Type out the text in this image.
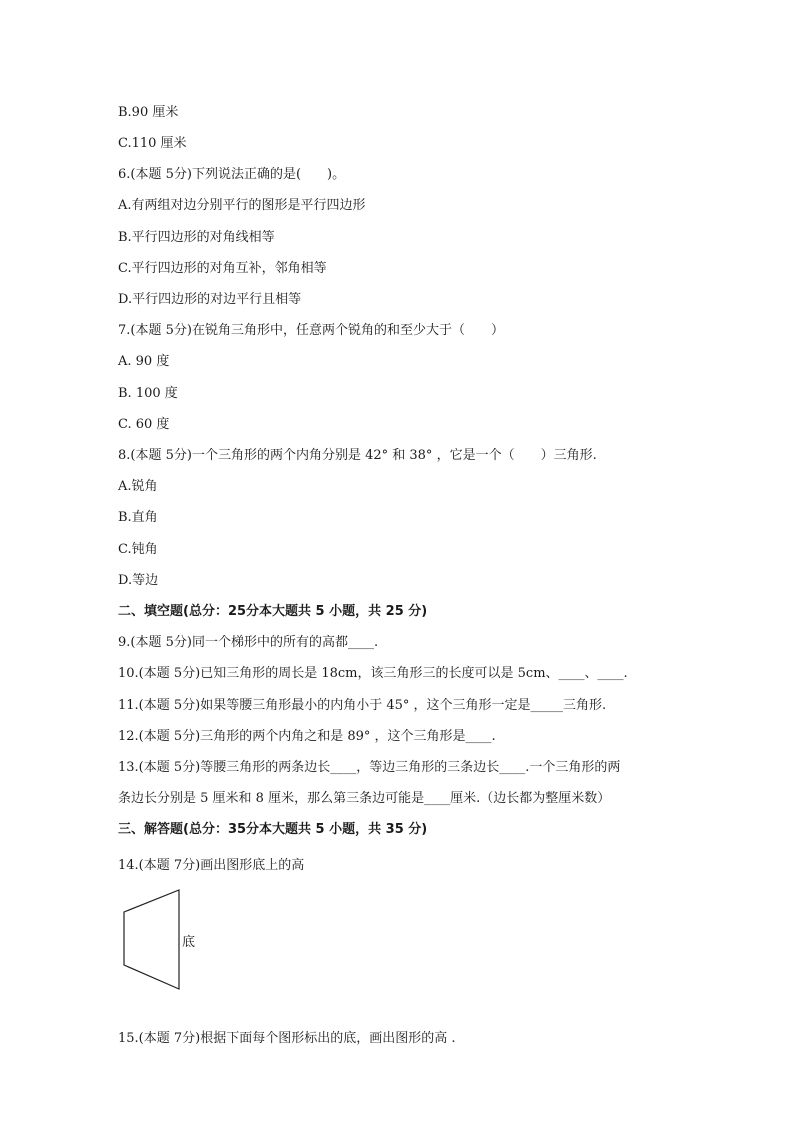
B.90 厘米
C.110 厘米
6.(本题 5分)下列说法正确的是(　　)。
A.有两组对边分别平行的图形是平行四边形
B.平行四边形的对角线相等
C.平行四边形的对角互补，邻角相等
D.平行四边形的对边平行且相等
7.(本题 5分)在锐角三角形中，任意两个锐角的和至少大于（　　）
A. 90 度
B. 100 度
C. 60 度
8.(本题 5分)一个三角形的两个内角分别是 42° 和 38° ，它是一个（　　）三角形.
A.锐角
B.直角
C.钝角
D.等边
二、填空题(总分：25分本大题共 5 小题，共 25 分)
9.(本题 5分)同一个梯形中的所有的高都____.
10.(本题 5分)已知三角形的周长是 18cm，该三角形三的长度可以是 5cm、____、____.
11.(本题 5分)如果等腰三角形最小的内角小于 45° ，这个三角形一定是_____三角形.
12.(本题 5分)三角形的两个内角之和是 89° ，这个三角形是____.
13.(本题 5分)等腰三角形的两条边长____，等边三角形的三条边长____.一个三角形的两
条边长分别是 5 厘米和 8 厘米，那么第三条边可能是____厘米.（边长都为整厘米数）
三、解答题(总分：35分本大题共 5 小题，共 35 分)
14.(本题 7分)画出图形底上的高
底
15.(本题 7分)根据下面每个图形标出的底，画出图形的高 .
